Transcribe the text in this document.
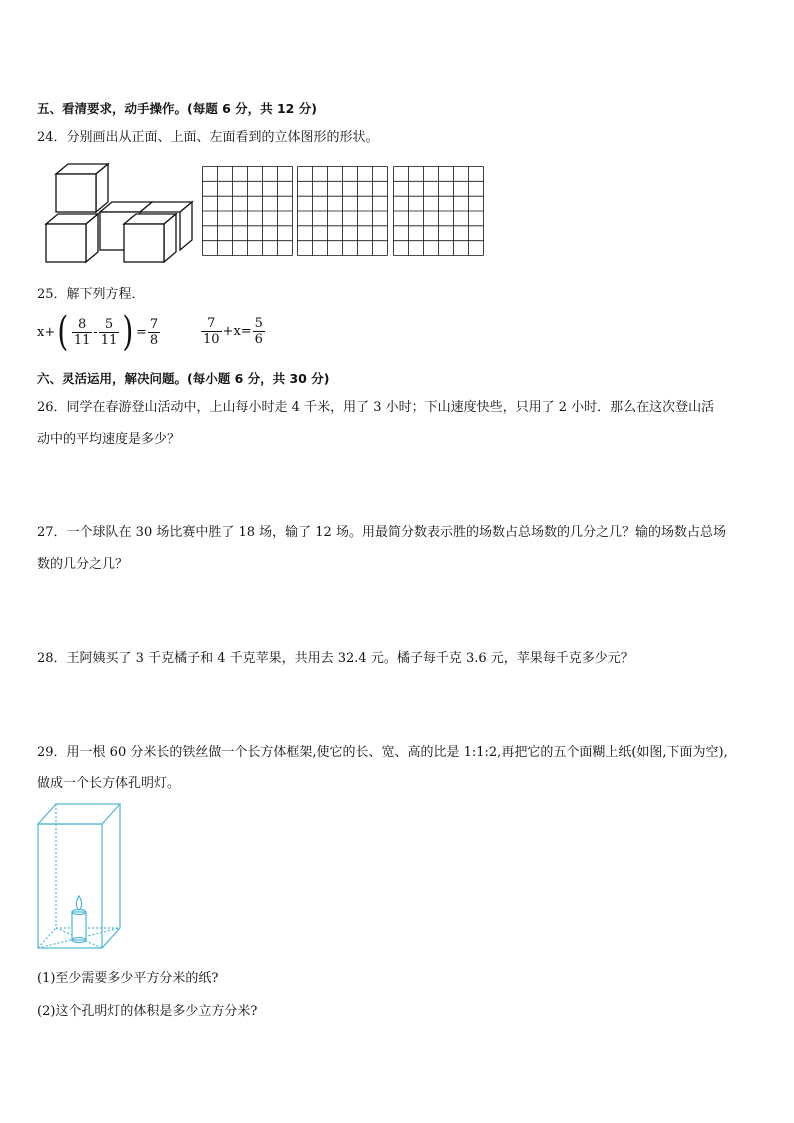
五、看清要求，动手操作。(每题 6 分，共 12 分)
24．分别画出从正面、上面、左面看到的立体图形的形状。
25．解下列方程．
x+ ( $\frac{8}{11} - \frac{5}{11}$ ) = $\frac{7}{8}$	$\frac{7}{10} +x= \frac{5}{6}$
六、灵活运用，解决问题。(每小题 6 分，共 30 分)
26．同学在春游登山活动中，上山每小时走 4 千米，用了 3 小时；下山速度快些，只用了 2 小时．那么在这次登山活
动中的平均速度是多少？
27．一个球队在 30 场比赛中胜了 18 场，输了 12 场。用最简分数表示胜的场数占总场数的几分之几？输的场数占总场
数的几分之几？
28．王阿姨买了 3 千克橘子和 4 千克苹果，共用去 32.4 元。橘子每千克 3.6 元，苹果每千克多少元？
29．用一根 60 分米长的铁丝做一个长方体框架,使它的长、宽、高的比是 1:1:2,再把它的五个面糊上纸(如图,下面为空),
做成一个长方体孔明灯。
(1)至少需要多少平方分米的纸?
(2)这个孔明灯的体积是多少立方分米?
